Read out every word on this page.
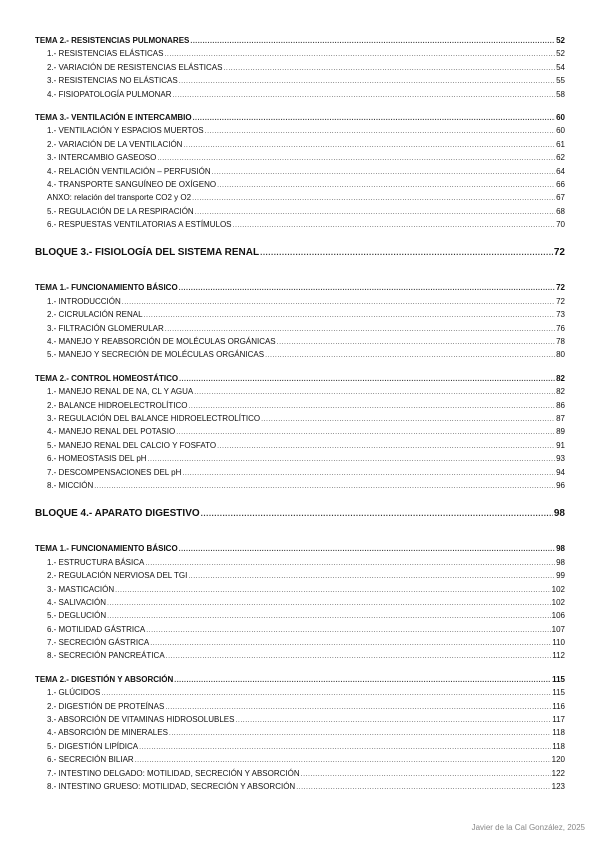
TEMA 2.- RESISTENCIAS PULMONARES .....	52
1.- RESISTENCIAS ELÁSTICAS .....	52
2.- VARIACIÓN DE RESISTENCIAS ELÁSTICAS .....	54
3.- RESISTENCIAS NO ELÁSTICAS .....	55
4.- FISIOPATOLOGÍA PULMONAR .....	58
TEMA 3.- VENTILACIÓN E INTERCAMBIO .....	60
1.- VENTILACIÓN Y ESPACIOS MUERTOS .....	60
2.- VARIACIÓN DE LA VENTILACIÓN .....	61
3.- INTERCAMBIO GASEOSO .....	62
4.- RELACIÓN VENTILACIÓN – PERFUSIÓN .....	64
4.- TRANSPORTE SANGUÍNEO DE OXÍGENO .....	66
ANXO: relación del transporte CO2 y O2 .....	67
5.- REGULACIÓN DE LA RESPIRACIÓN .....	68
6.- RESPUESTAS VENTILATORIAS A ESTÍMULOS .....	70
BLOQUE 3.- FISIOLOGÍA DEL SISTEMA RENAL .....	72
TEMA 1.- FUNCIONAMIENTO BÁSICO .....	72
1.- INTRODUCCIÓN .....	72
2.- CICRULACIÓN RENAL .....	73
3.- FILTRACIÓN GLOMERULAR .....	76
4.- MANEJO Y REABSORCIÓN DE MOLÉCULAS ORGÁNICAS .....	78
5.- MANEJO Y SECRECIÓN DE MOLÉCULAS ORGÁNICAS .....	80
TEMA 2.- CONTROL HOMEOSTÁTICO .....	82
1.- MANEJO RENAL DE NA, CL Y AGUA .....	82
2.- BALANCE HIDROELECTROLÍTICO .....	86
3.- REGULACIÓN DEL BALANCE HIDROELECTROLÍTICO .....	87
4.- MANEJO RENAL DEL POTASIO .....	89
5.- MANEJO RENAL DEL CALCIO Y FOSFATO .....	91
6.- HOMEOSTASIS DEL pH .....	93
7.- DESCOMPENSACIONES DEL pH .....	94
8.- MICCIÓN .....	96
BLOQUE 4.- APARATO DIGESTIVO .....	98
TEMA 1.- FUNCIONAMIENTO BÁSICO .....	98
1.- ESTRUCTURA BÁSICA .....	98
2.- REGULACIÓN NERVIOSA DEL TGI .....	99
3.- MASTICACIÓN .....	102
4.- SALIVACIÓN .....	102
5.- DEGLUCIÓN .....	106
6.- MOTILIDAD GÁSTRICA .....	107
7.- SECRECIÓN GÁSTRICA .....	110
8.- SECRECIÓN PANCREÁTICA .....	112
TEMA 2.- DIGESTIÓN Y ABSORCIÓN .....	115
1.- GLÚCIDOS .....	115
2.- DIGESTIÓN DE PROTEÍNAS .....	116
3.- ABSORCIÓN DE VITAMINAS HIDROSOLUBLES .....	117
4.- ABSORCIÓN DE MINERALES .....	118
5.- DIGESTIÓN LIPÍDICA .....	118
6.- SECRECIÓN BILIAR .....	120
7.- INTESTINO DELGADO: MOTILIDAD, SECRECIÓN Y ABSORCIÓN .....	122
8.- INTESTINO GRUESO: MOTILIDAD, SECRECIÓN Y ABSORCIÓN .....	123
Javier de la Cal González, 2025
